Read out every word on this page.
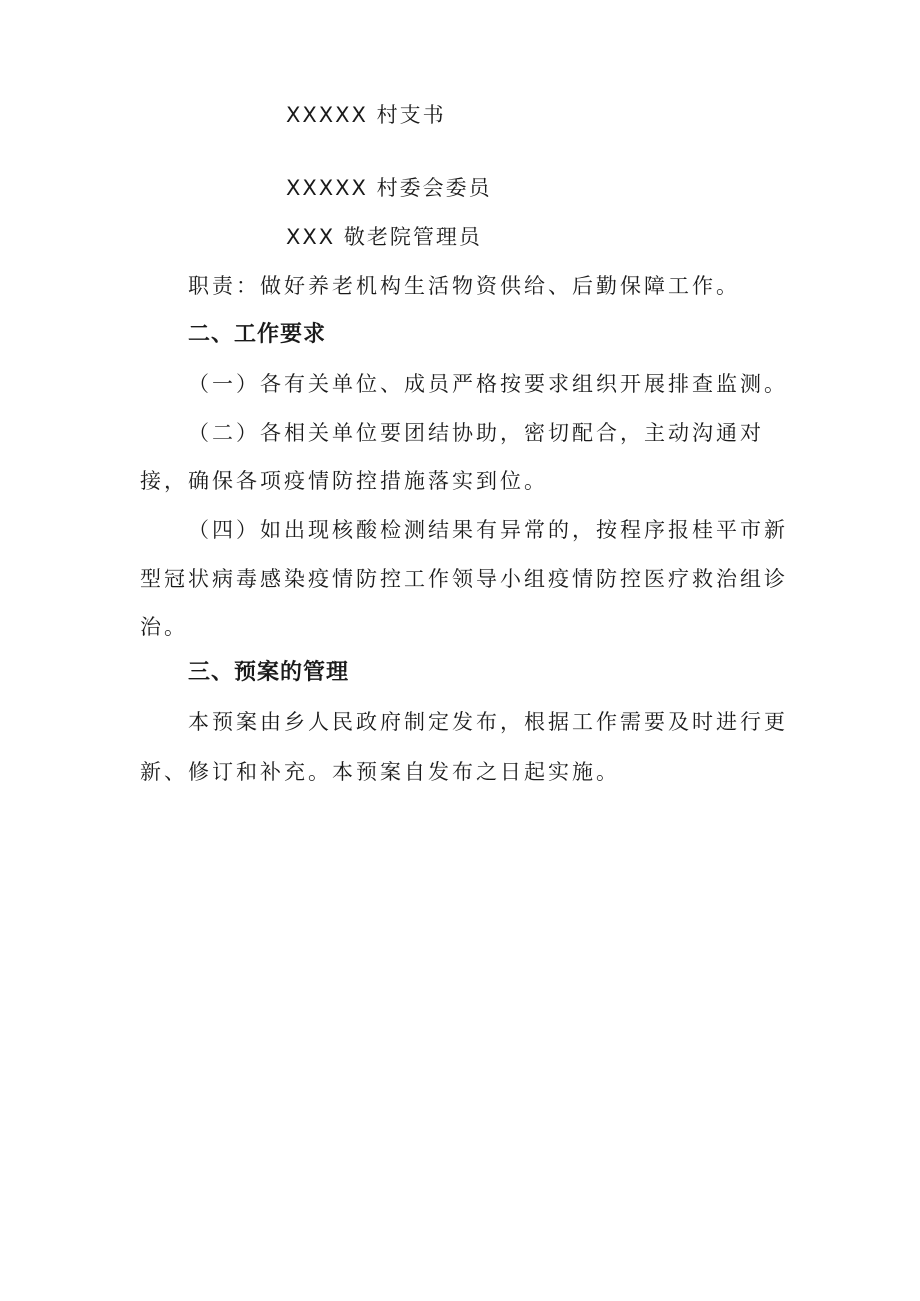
XXXXX 村支书
XXXXX 村委会委员
XXX 敬老院管理员
职责：做好养老机构生活物资供给、后勤保障工作。
二、工作要求
（一）各有关单位、成员严格按要求组织开展排查监测。
（二）各相关单位要团结协助，密切配合，主动沟通对
接，确保各项疫情防控措施落实到位。
（四）如出现核酸检测结果有异常的，按程序报桂平市新
型冠状病毒感染疫情防控工作领导小组疫情防控医疗救治组诊
治。
三、预案的管理
本预案由乡人民政府制定发布，根据工作需要及时进行更
新、修订和补充。本预案自发布之日起实施。
